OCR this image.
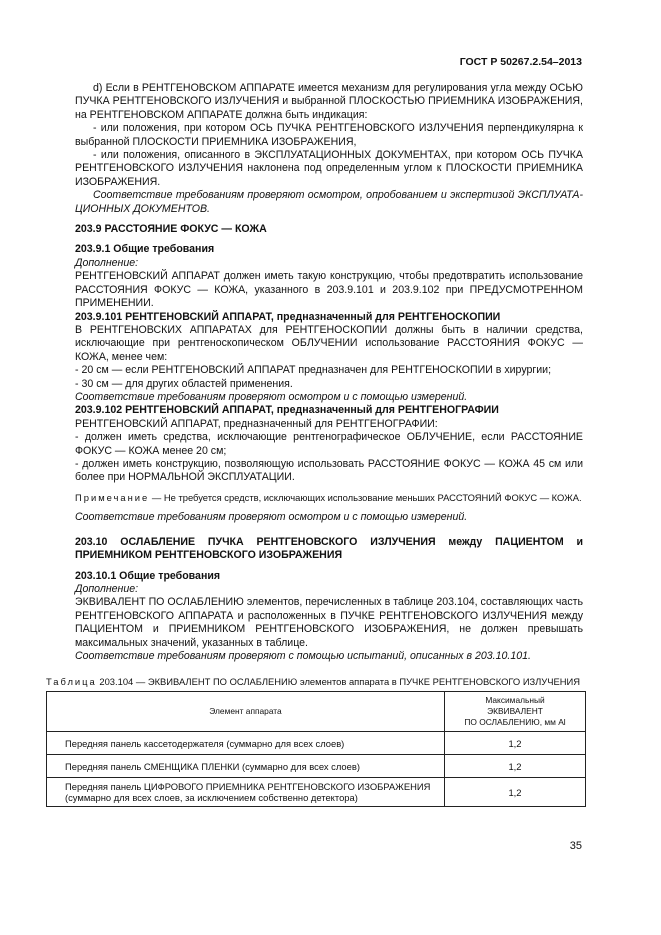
ГОСТ Р 50267.2.54–2013

d) Если в РЕНТГЕНОВСКОМ АППАРАТЕ имеется механизм для регулирования угла между ОСЬЮ ПУЧКА РЕНТГЕНОВСКОГО ИЗЛУЧЕНИЯ и выбранной ПЛОСКОСТЬЮ ПРИЕМНИКА ИЗОБРАЖЕНИЯ, на РЕНТГЕНОВСКОМ АППАРАТЕ должна быть индикация:

- или положения, при котором ОСЬ ПУЧКА РЕНТГЕНОВСКОГО ИЗЛУЧЕНИЯ перпендикулярна к выбранной ПЛОСКОСТИ ПРИЕМНИКА ИЗОБРАЖЕНИЯ,

- или положения, описанного в ЭКСПЛУАТАЦИОННЫХ ДОКУМЕНТАХ, при котором ОСЬ ПУЧКА РЕНТГЕНОВСКОГО ИЗЛУЧЕНИЯ наклонена под определенным углом к ПЛОСКОСТИ ПРИЕМНИКА ИЗОБРАЖЕНИЯ.

Соответствие требованиям проверяют осмотром, опробованием и экспертизой ЭКСПЛУАТА-ЦИОННЫХ ДОКУМЕНТОВ.

203.9 РАССТОЯНИЕ ФОКУС — КОЖА

203.9.1 Общие требования

Дополнение:

РЕНТГЕНОВСКИЙ АППАРАТ должен иметь такую конструкцию, чтобы предотвратить использование РАССТОЯНИЯ ФОКУС — КОЖА, указанного в 203.9.101 и 203.9.102 при ПРЕДУСМОТРЕННОМ ПРИМЕНЕНИИ.

203.9.101 РЕНТГЕНОВСКИЙ АППАРАТ, предназначенный для РЕНТГЕНОСКОПИИ

В РЕНТГЕНОВСКИХ АППАРАТАХ для РЕНТГЕНОСКОПИИ должны быть в наличии средства, исключающие при рентгеноскопическом ОБЛУЧЕНИИ использование РАССТОЯНИЯ ФОКУС — КОЖА, менее чем:

- 20 см — если РЕНТГЕНОВСКИЙ АППАРАТ предназначен для РЕНТГЕНОСКОПИИ в хирургии;

- 30 см — для других областей применения.

Соответствие требованиям проверяют осмотром и с помощью измерений.

203.9.102 РЕНТГЕНОВСКИЙ АППАРАТ, предназначенный для РЕНТГЕНОГРАФИИ

РЕНТГЕНОВСКИЙ АППАРАТ, предназначенный для РЕНТГЕНОГРАФИИ:

- должен иметь средства, исключающие рентгенографическое ОБЛУЧЕНИЕ, если РАССТОЯНИЕ ФОКУС — КОЖА менее 20 см;

- должен иметь конструкцию, позволяющую использовать РАССТОЯНИЕ ФОКУС — КОЖА 45 см или более при НОРМАЛЬНОЙ ЭКСПЛУАТАЦИИ.

Примечание — Не требуется средств, исключающих использование меньших РАССТОЯНИЙ ФОКУС — КОЖА.

Соответствие требованиям проверяют осмотром и с помощью измерений.

203.10 ОСЛАБЛЕНИЕ ПУЧКА РЕНТГЕНОВСКОГО ИЗЛУЧЕНИЯ между ПАЦИЕНТОМ и ПРИЕМНИКОМ РЕНТГЕНОВСКОГО ИЗОБРАЖЕНИЯ

203.10.1 Общие требования

Дополнение:

ЭКВИВАЛЕНТ ПО ОСЛАБЛЕНИЮ элементов, перечисленных в таблице 203.104, составляющих часть РЕНТГЕНОВСКОГО АППАРАТА и расположенных в ПУЧКЕ РЕНТГЕНОВСКОГО ИЗЛУЧЕНИЯ между ПАЦИЕНТОМ и ПРИЕМНИКОМ РЕНТГЕНОВСКОГО ИЗОБРАЖЕНИЯ, не должен превышать максимальных значений, указанных в таблице.

Соответствие требованиям проверяют с помощью испытаний, описанных в 203.10.101.

Таблица 203.104 — ЭКВИВАЛЕНТ ПО ОСЛАБЛЕНИЮ элементов аппарата в ПУЧКЕ РЕНТГЕНОВСКОГО ИЗЛУЧЕНИЯ

Элемент аппарата	Максимальный
ЭКВИВАЛЕНТ
ПО ОСЛАБЛЕНИЮ, мм Al

Передняя панель кассетодержателя (суммарно для всех слоев)	1,2
Передняя панель СМЕНЩИКА ПЛЕНКИ (суммарно для всех слоев)	1,2
Передняя панель ЦИФРОВОГО ПРИЕМНИКА РЕНТГЕНОВСКОГО ИЗОБРАЖЕНИЯ (суммарно для всех слоев, за исключением собственно детектора)	1,2
35
